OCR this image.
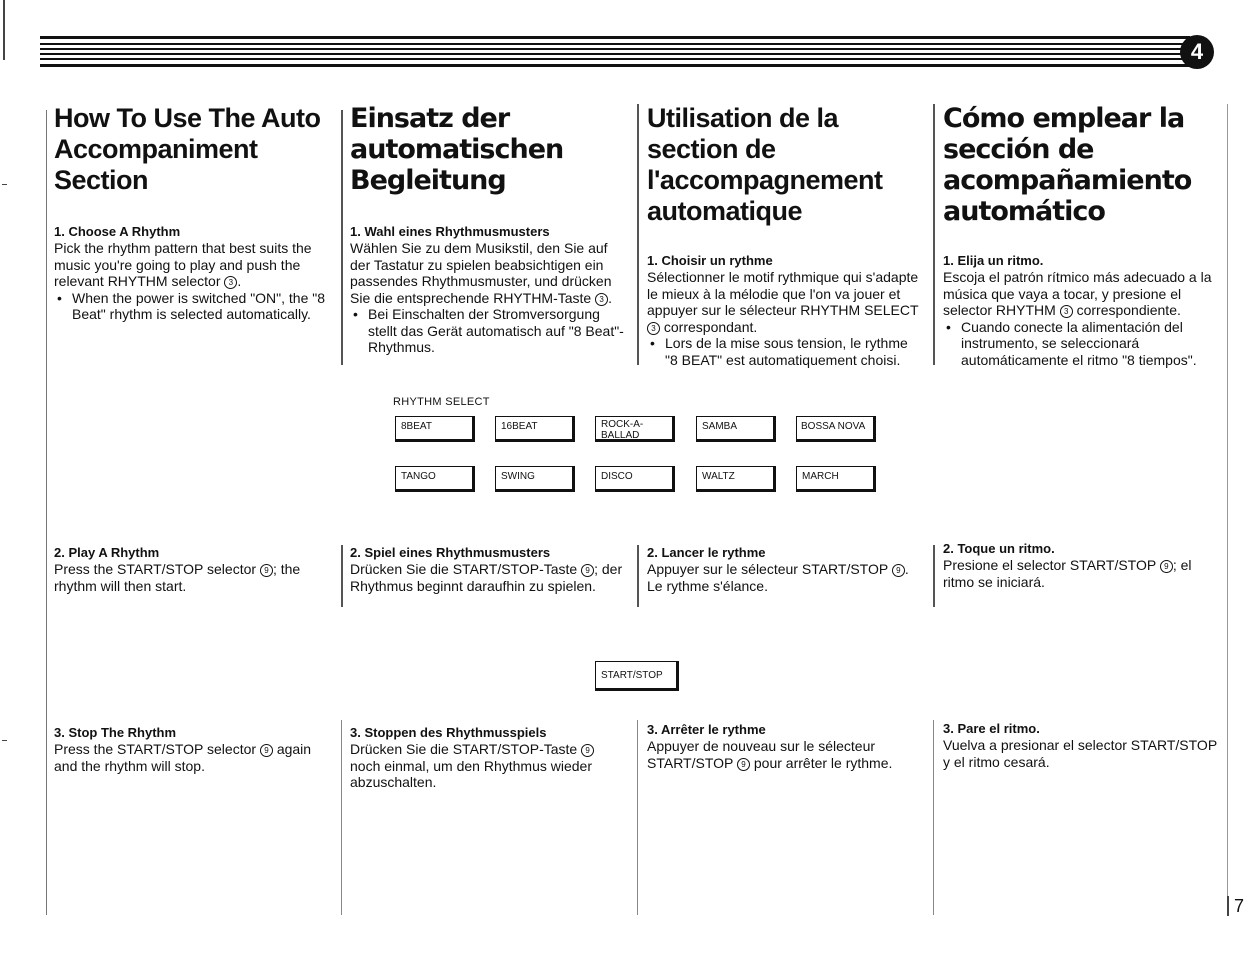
4
How To Use The Auto Accompaniment Section

1. Choose A Rhythm

Pick the rhythm pattern that best suits the music you're going to play and push the relevant RHYTHM selector 3 .

• When the power is switched "ON", the "8 Beat" rhythm is selected automatically.

2. Play A Rhythm

Press the START/STOP selector 9 ; the rhythm will then start.

3. Stop The Rhythm

Press the START/STOP selector 9 again and the rhythm will stop.

Einsatz der automatischen Begleitung

1. Wahl eines Rhythmusmusters

Wählen Sie zu dem Musikstil, den Sie auf der Tastatur zu spielen beabsichtigen ein passendes Rhythmusmuster, und drücken Sie die entsprechende RHYTHM-Taste 3 .

• Bei Einschalten der Stromversorgung stellt das Gerät automatisch auf "8 Beat"-Rhythmus.

2. Spiel eines Rhythmusmusters

Drücken Sie die START/STOP-Taste 9 ; der Rhythmus beginnt daraufhin zu spielen.

3. Stoppen des Rhythmusspiels

Drücken Sie die START/STOP-Taste 9 noch einmal, um den Rhythmus wieder abzuschalten.

Utilisation de la section de l'accompagnement automatique

1. Choisir un rythme

Sélectionner le motif rythmique qui s'adapte le mieux à la mélodie que l'on va jouer et appuyer sur le sélecteur RHYTHM SELECT 3 correspondant.

• Lors de la mise sous tension, le rythme "8 BEAT" est automatiquement choisi.

2. Lancer le rythme

Appuyer sur le sélecteur START/STOP 9 . Le rythme s'élance.

3. Arrêter le rythme

Appuyer de nouveau sur le sélecteur START/STOP 9 pour arrêter le rythme.

Cómo emplear la sección de acompañamiento automático

1. Elija un ritmo.

Escoja el patrón rítmico más adecuado a la música que vaya a tocar, y presione el selector RHYTHM 3 correspondiente.

• Cuando conecte la alimentación del instrumento, se seleccionará automáticamente el ritmo "8 tiempos".

2. Toque un ritmo.

Presione el selector START/STOP 9 ; el ritmo se iniciará.

3. Pare el ritmo.

Vuelva a presionar el selector START/STOP y el ritmo cesará.

RHYTHM SELECT
8BEAT	16BEAT	ROCK-A-
BALLAD
SAMBA	BOSSA NOVA
TANGO	SWING	DISCO	WALTZ	MARCH
START/STOP
7
